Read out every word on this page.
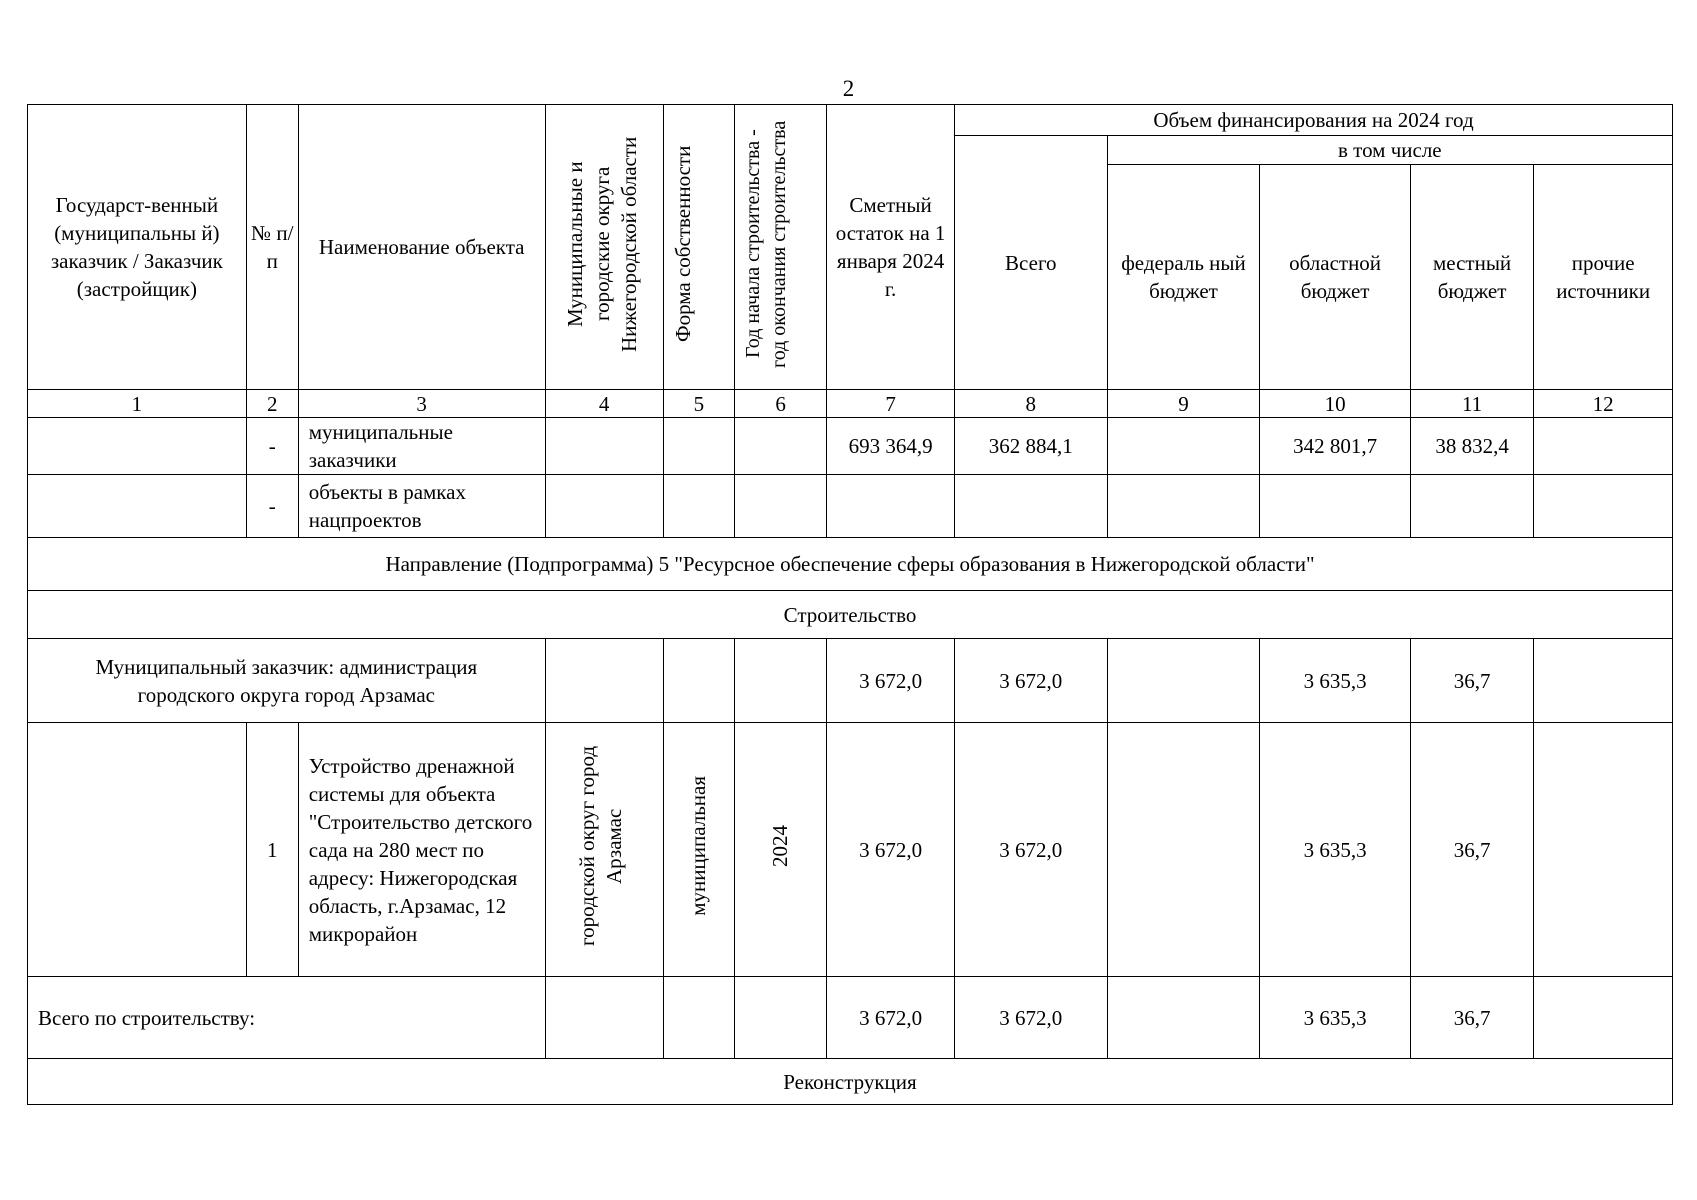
2
Государст-венный (муниципальны й) заказчик / Заказчик (застройщик)	№ п/ п	Наименование объекта	Муниципальные и городские округа Нижегородской области	Форма собственности	Год начала строительства - год окончания строительства	Сметный остаток на 1 января 2024 г.	Объем финансирования на 2024 год				
							Всего	в том числе			
								федераль ный бюджет	областной бюджет	местный бюджет	прочие источники
1	2	3	4	5	6	7	8	9	10	11	12
	-	муниципальные заказчики				693 364,9	362 884,1		342 801,7	38 832,4	
	-	объекты в рамках нацпроектов									
Направление (Подпрограмма) 5 "Ресурсное обеспечение сферы образования в Нижегородской области"											
Строительство											
Муниципальный заказчик: администрация городского округа город Арзамас						3 672,0	3 672,0		3 635,3	36,7	
	1	Устройство дренажной системы для объекта "Строительство детского сада на 280 мест по адресу: Нижегородская область, г.Арзамас, 12 микрорайон	городской округ город Арзамас	муниципальная	2024	3 672,0	3 672,0		3 635,3	36,7	
Всего по строительству:						3 672,0	3 672,0		3 635,3	36,7	
Реконструкция											
